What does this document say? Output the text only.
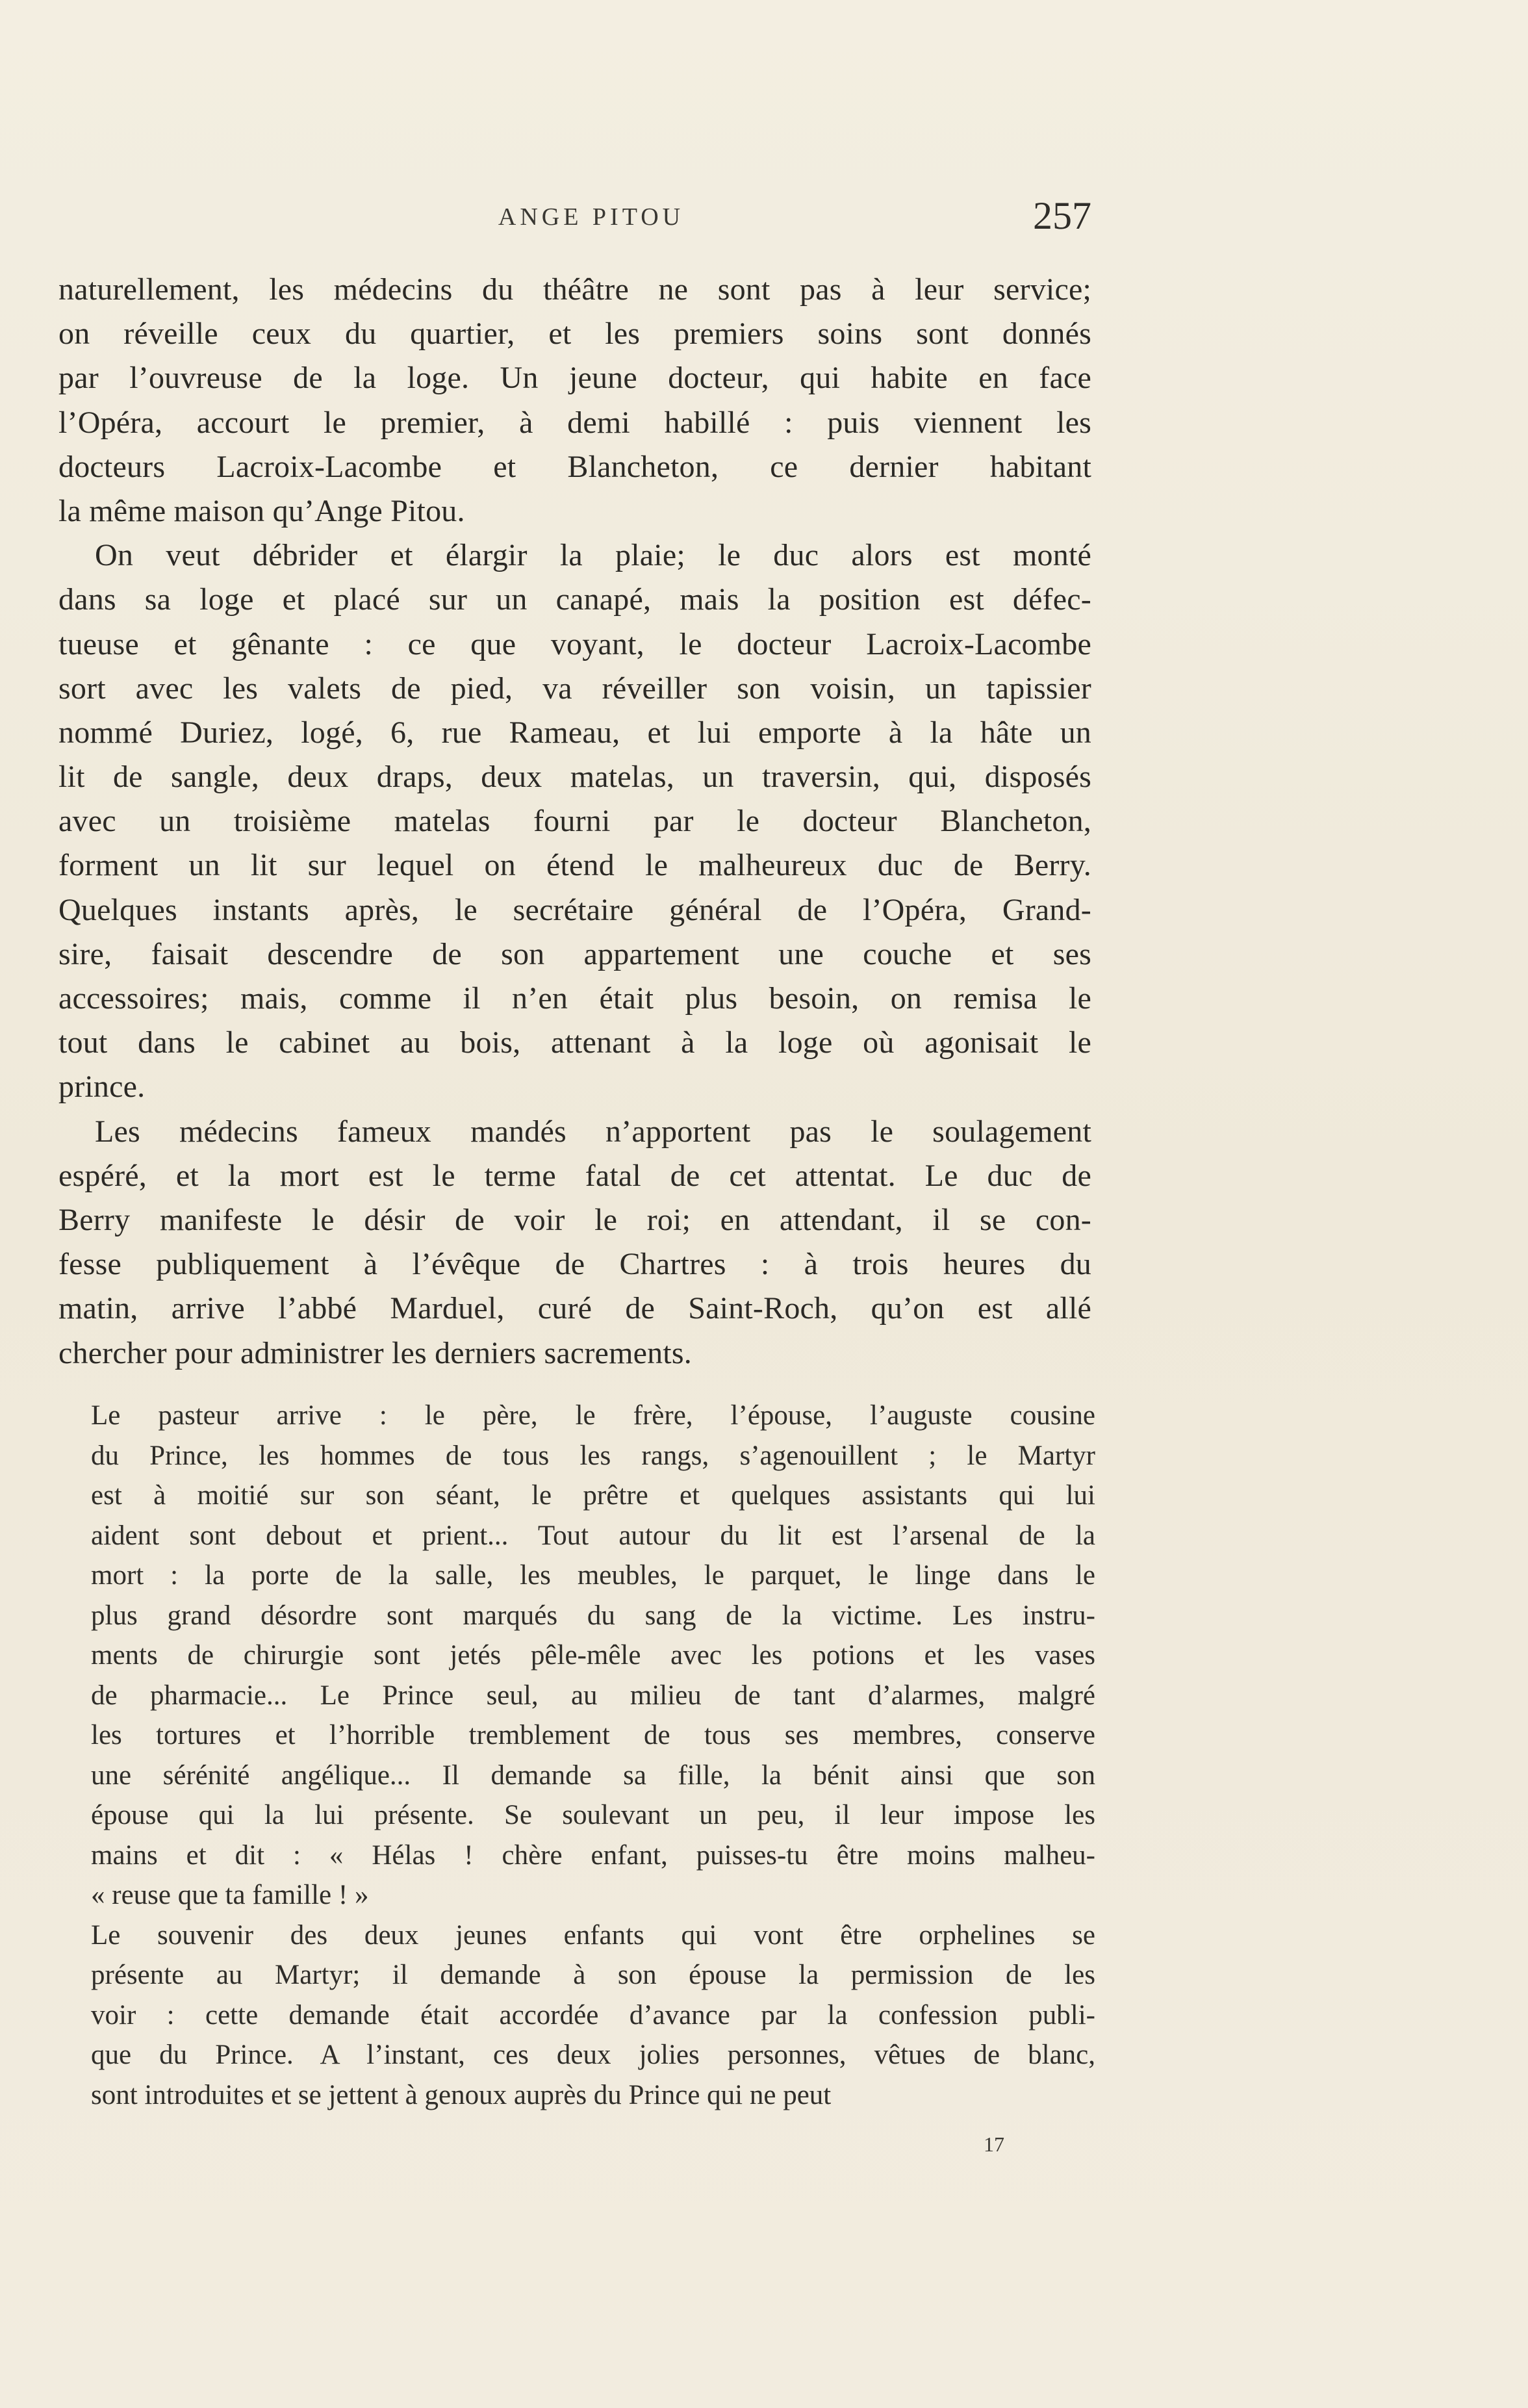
ANGE PITOU	257
naturellement, les médecins du théâtre ne sont pas à leur service;
on réveille ceux du quartier, et les premiers soins sont donnés
par l’ouvreuse de la loge. Un jeune docteur, qui habite en face
l’Opéra, accourt le premier, à demi habillé : puis viennent les
docteurs Lacroix-Lacombe et Blancheton, ce dernier habitant
la même maison qu’Ange Pitou.
On veut débrider et élargir la plaie; le duc alors est monté
dans sa loge et placé sur un canapé, mais la position est défec-
tueuse et gênante : ce que voyant, le docteur Lacroix-Lacombe
sort avec les valets de pied, va réveiller son voisin, un tapissier
nommé Duriez, logé, 6, rue Rameau, et lui emporte à la hâte un
lit de sangle, deux draps, deux matelas, un traversin, qui, disposés
avec un troisième matelas fourni par le docteur Blancheton,
forment un lit sur lequel on étend le malheureux duc de Berry.
Quelques instants après, le secrétaire général de l’Opéra, Grand-
sire, faisait descendre de son appartement une couche et ses
accessoires; mais, comme il n’en était plus besoin, on remisa le
tout dans le cabinet au bois, attenant à la loge où agonisait le
prince.
Les médecins fameux mandés n’apportent pas le soulagement
espéré, et la mort est le terme fatal de cet attentat. Le duc de
Berry manifeste le désir de voir le roi; en attendant, il se con-
fesse publiquement à l’évêque de Chartres : à trois heures du
matin, arrive l’abbé Marduel, curé de Saint-Roch, qu’on est allé
chercher pour administrer les derniers sacrements.
Le pasteur arrive : le père, le frère, l’épouse, l’auguste cousine
du Prince, les hommes de tous les rangs, s’agenouillent ; le Martyr
est à moitié sur son séant, le prêtre et quelques assistants qui lui
aident sont debout et prient... Tout autour du lit est l’arsenal de la
mort : la porte de la salle, les meubles, le parquet, le linge dans le
plus grand désordre sont marqués du sang de la victime. Les instru-
ments de chirurgie sont jetés pêle-mêle avec les potions et les vases
de pharmacie... Le Prince seul, au milieu de tant d’alarmes, malgré
les tortures et l’horrible tremblement de tous ses membres, conserve
une sérénité angélique... Il demande sa fille, la bénit ainsi que son
épouse qui la lui présente. Se soulevant un peu, il leur impose les
mains et dit : « Hélas ! chère enfant, puisses-tu être moins malheu-
« reuse que ta famille ! »
Le souvenir des deux jeunes enfants qui vont être orphelines se
présente au Martyr; il demande à son épouse la permission de les
voir : cette demande était accordée d’avance par la confession publi-
que du Prince. A l’instant, ces deux jolies personnes, vêtues de blanc,
sont introduites et se jettent à genoux auprès du Prince qui ne peut
17
